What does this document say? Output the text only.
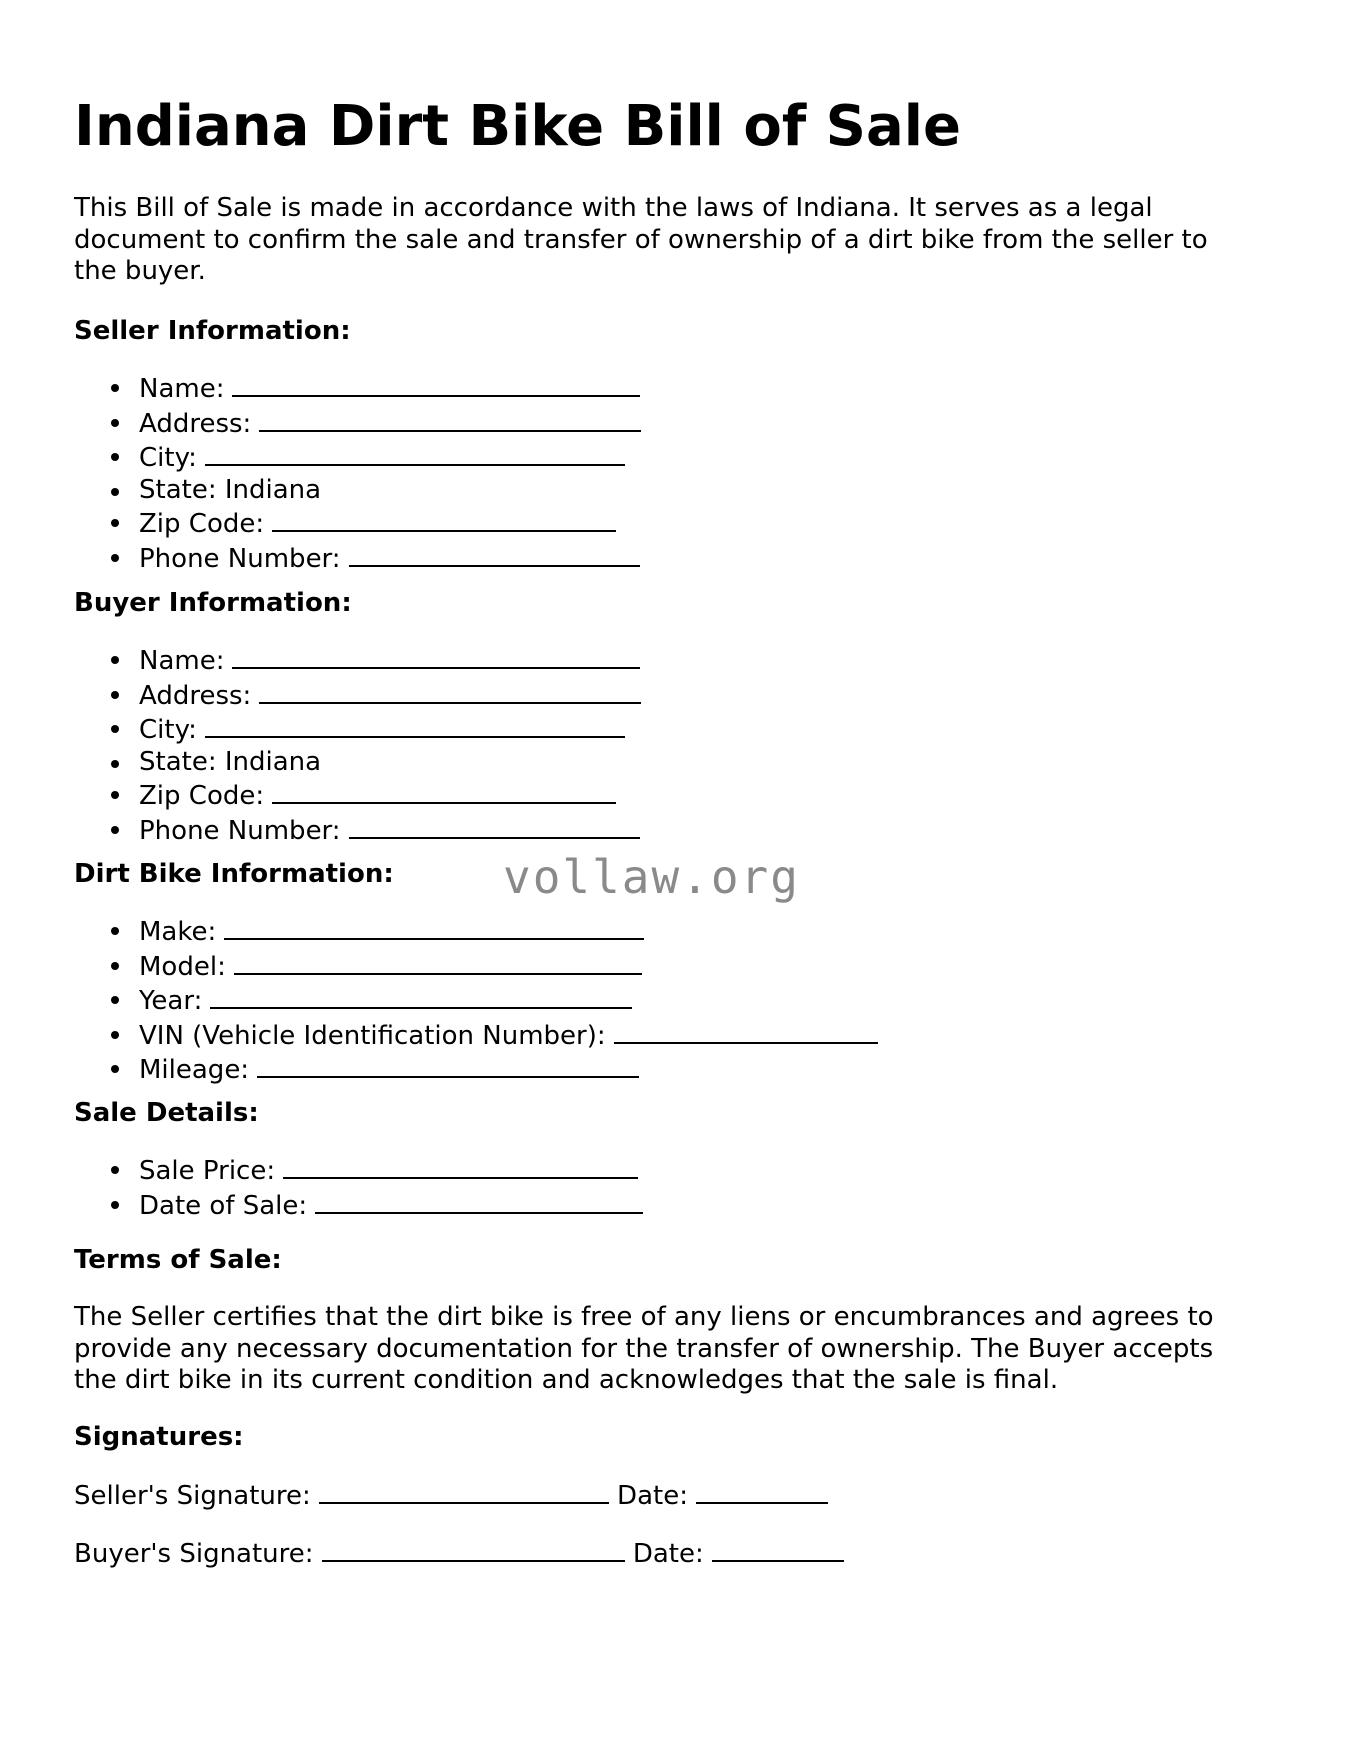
Indiana Dirt Bike Bill of Sale

This Bill of Sale is made in accordance with the laws of Indiana. It serves as a legal document to confirm the sale and transfer of ownership of a dirt bike from the seller to the buyer.

Seller Information:
Name:
Address:
City:
State: Indiana
Zip Code:
Phone Number:
Buyer Information:
Name:
Address:
City:
State: Indiana
Zip Code:
Phone Number:
Dirt Bike Information:
Make:
Model:
Year:
VIN (Vehicle Identification Number):
Mileage:
Sale Details:
Sale Price:
Date of Sale:
Terms of Sale:

The Seller certifies that the dirt bike is free of any liens or encumbrances and agrees to provide any necessary documentation for the transfer of ownership. The Buyer accepts the dirt bike in its current condition and acknowledges that the sale is final.

Signatures:
Seller's Signature:	Date:
Buyer's Signature:	Date:
vollaw.org
